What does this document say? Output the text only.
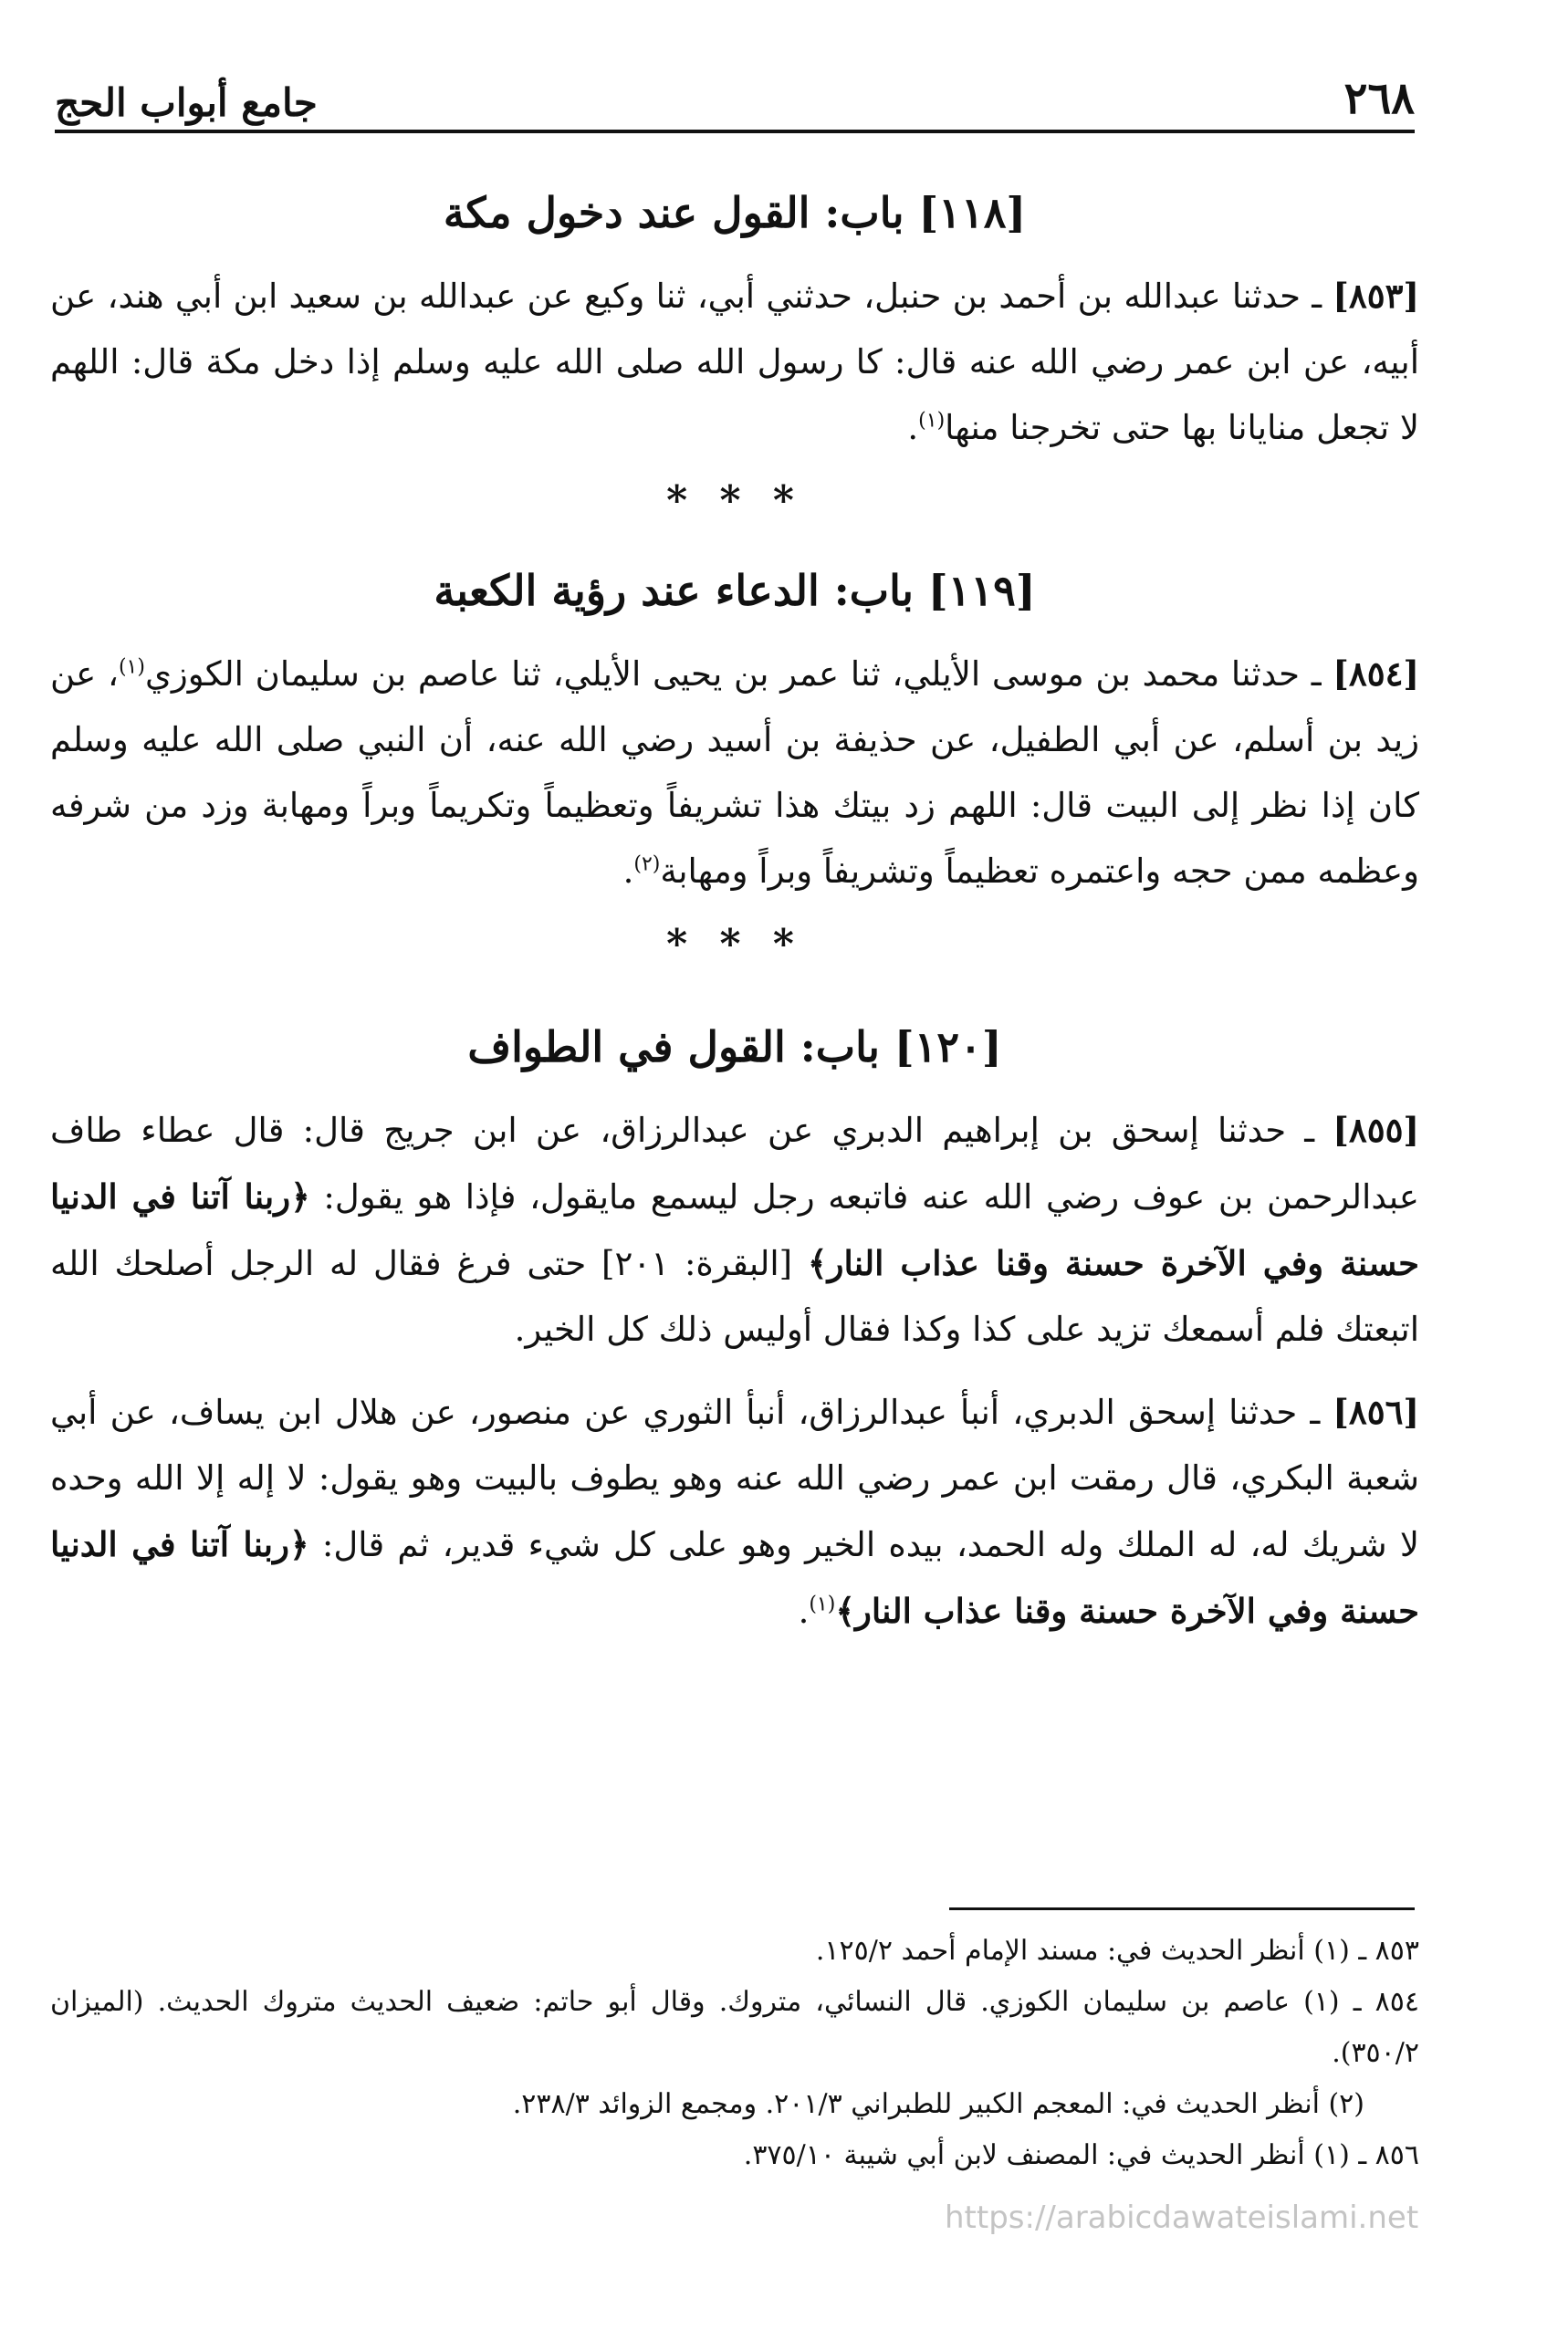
٢٦٨
جامع أبواب الحج
[١١٨] باب: القول عند دخول مكة

[٨٥٣] ـ حدثنا عبدالله بن أحمد بن حنبل، حدثني أبي، ثنا وكيع عن عبدالله بن سعيد ابن أبي هند، عن أبيه، عن ابن عمر رضي الله عنه قال: كا رسول الله صلى الله عليه وسلم إذا دخل مكة قال: اللهم لا تجعل منايانا بها حتى تخرجنا منها$^{(١)}$.

* * *
[١١٩] باب: الدعاء عند رؤية الكعبة

[٨٥٤] ـ حدثنا محمد بن موسى الأيلي، ثنا عمر بن يحيى الأيلي، ثنا عاصم بن سليمان الكوزي$^{(١)}$، عن زيد بن أسلم، عن أبي الطفيل، عن حذيفة بن أسيد رضي الله عنه، أن النبي صلى الله عليه وسلم كان إذا نظر إلى البيت قال: اللهم زد بيتك هذا تشريفاً وتعظيماً وتكريماً وبراً ومهابة وزد من شرفه وعظمه ممن حجه واعتمره تعظيماً وتشريفاً وبراً ومهابة$^{(٢)}$.

* * *
[١٢٠] باب: القول في الطواف

[٨٥٥] ـ حدثنا إسحق بن إبراهيم الدبري عن عبدالرزاق، عن ابن جريج قال: قال عطاء طاف عبدالرحمن بن عوف رضي الله عنه فاتبعه رجل ليسمع مايقول، فإذا هو يقول: ﴿ربنا آتنا في الدنيا حسنة وفي الآخرة حسنة وقنا عذاب النار﴾ [البقرة: ٢٠١] حتى فرغ فقال له الرجل أصلحك الله اتبعتك فلم أسمعك تزيد على كذا وكذا فقال أوليس ذلك كل الخير.

[٨٥٦] ـ حدثنا إسحق الدبري، أنبأ عبدالرزاق، أنبأ الثوري عن منصور، عن هلال ابن يساف، عن أبي شعبة البكري، قال رمقت ابن عمر رضي الله عنه وهو يطوف بالبيت وهو يقول: لا إله إلا الله وحده لا شريك له، له الملك وله الحمد، بيده الخير وهو على كل شيء قدير، ثم قال: ﴿ربنا آتنا في الدنيا حسنة وفي الآخرة حسنة وقنا عذاب النار﴾$^{(١)}$.

٨٥٣ ـ (١) أنظر الحديث في: مسند الإمام أحمد ١٢٥/٢.

٨٥٤ ـ (١) عاصم بن سليمان الكوزي. قال النسائي، متروك. وقال أبو حاتم: ضعيف الحديث متروك الحديث. (الميزان ٣٥٠/٢).

(٢) أنظر الحديث في: المعجم الكبير للطبراني ٢٠١/٣. ومجمع الزوائد ٢٣٨/٣.

٨٥٦ ـ (١) أنظر الحديث في: المصنف لابن أبي شيبة ٣٧٥/١٠.

https://arabicdawateislami.net
